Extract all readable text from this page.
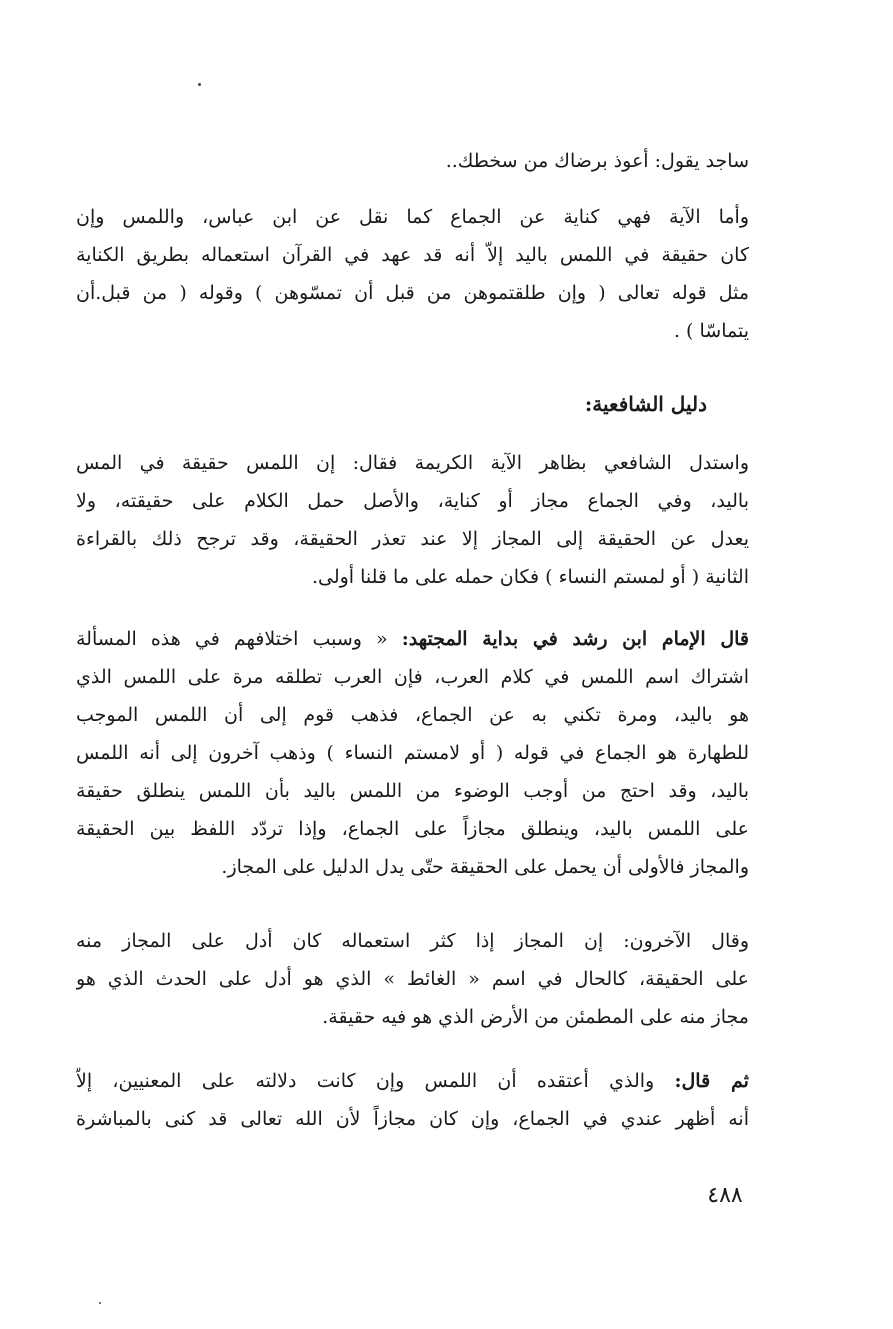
ساجد يقول: أعوذ برضاك من سخطك..
وأما الآية فهي كناية عن الجماع كما نقل عن ابن عباس، واللمس وإن
كان حقيقة في اللمس باليد إلاّ أنه قد عهد في القرآن استعماله بطريق الكناية
مثل قوله تعالى ( وإن طلقتموهن من قبل أن تمسّوهن ) وقوله ( من قبل.أن
يتماسّا ) .
دليل الشافعية:
واستدل الشافعي بظاهر الآية الكريمة فقال: إن اللمس حقيقة في المس
باليد، وفي الجماع مجاز أو كناية، والأصل حمل الكلام على حقيقته، ولا
يعدل عن الحقيقة إلى المجاز إلا عند تعذر الحقيقة، وقد ترجح ذلك بالقراءة
الثانية ( أو لمستم النساء ) فكان حمله على ما قلنا أولى.
قال الإمام ابن رشد في بداية المجتهد: « وسبب اختلافهم في هذه المسألة
اشتراك اسم اللمس في كلام العرب، فإن العرب تطلقه مرة على اللمس الذي
هو باليد، ومرة تكني به عن الجماع، فذهب قوم إلى أن اللمس الموجب
للطهارة هو الجماع في قوله ( أو لامستم النساء ) وذهب آخرون إلى أنه اللمس
باليد، وقد احتج من أوجب الوضوء من اللمس باليد بأن اللمس ينطلق حقيقة
على اللمس باليد، وينطلق مجازاً على الجماع، وإذا تردّد اللفظ بين الحقيقة
والمجاز فالأولى أن يحمل على الحقيقة حتّى يدل الدليل على المجاز.
وقال الآخرون: إن المجاز إذا كثر استعماله كان أدل على المجاز منه
على الحقيقة، كالحال في اسم « الغائط » الذي هو أدل على الحدث الذي هو
مجاز منه على المطمئن من الأرض الذي هو فيه حقيقة.
ثم قال: والذي أعتقده أن اللمس وإن كانت دلالته على المعنيين، إلاّ
أنه أظهر عندي في الجماع، وإن كان مجازاً لأن الله تعالى قد كنى بالمباشرة
٤٨٨
